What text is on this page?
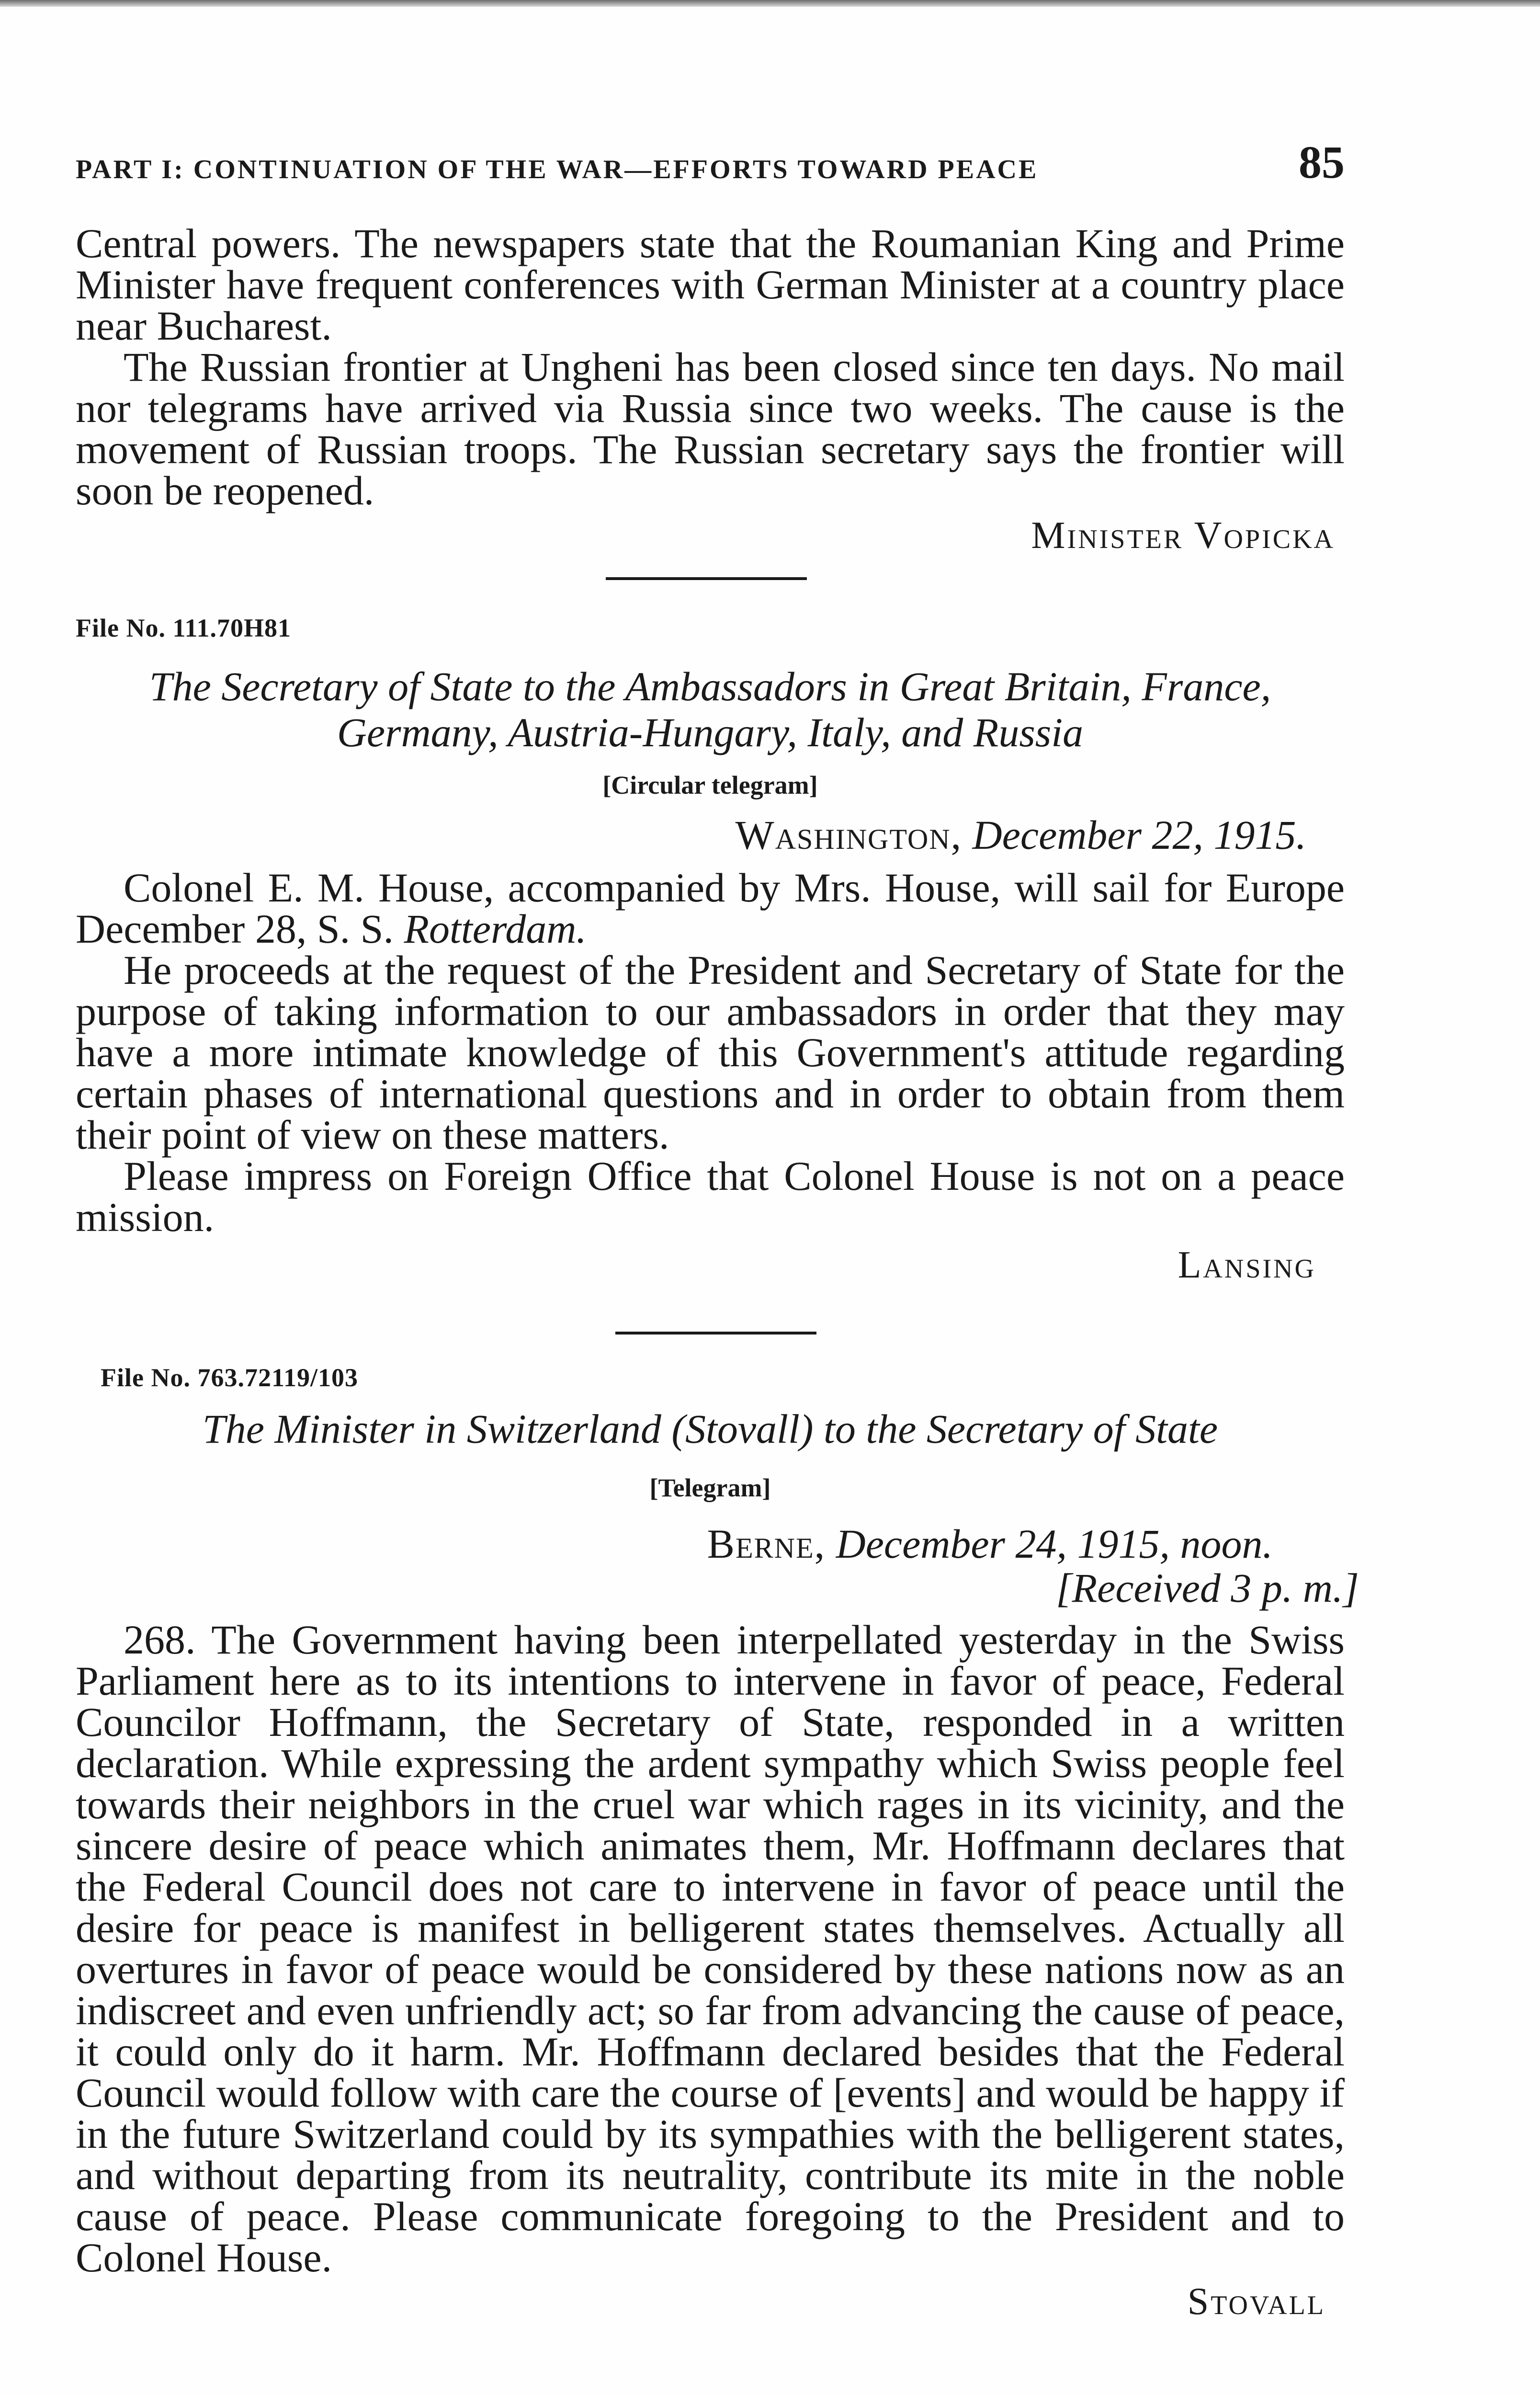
PART I: CONTINUATION OF THE WAR—EFFORTS TOWARD PEACE	85

Central powers. The newspapers state that the Roumanian King and Prime Minister have frequent conferences with German Minister at a country place near Bucharest.

The Russian frontier at Ungheni has been closed since ten days. No mail nor telegrams have arrived via Russia since two weeks. The cause is the movement of Russian troops. The Russian secretary says the frontier will soon be reopened.

Minister Vopicka

File No. 111.70H81
The Secretary of State to the Ambassadors in Great Britain, France,
Germany, Austria-Hungary, Italy, and Russia
[Circular telegram]
Washington, December 22, 1915.

Colonel E. M. House, accompanied by Mrs. House, will sail for Europe December 28, S. S. Rotterdam.

He proceeds at the request of the President and Secretary of State for the purpose of taking information to our ambassadors in order that they may have a more intimate knowledge of this Government's attitude regarding certain phases of international questions and in order to obtain from them their point of view on these matters.

Please impress on Foreign Office that Colonel House is not on a peace mission.

Lansing

File No. 763.72119/103
The Minister in Switzerland (Stovall) to the Secretary of State
[Telegram]
Berne, December 24, 1915, noon.
[Received 3 p. m.]

268. The Government having been interpellated yesterday in the Swiss Parliament here as to its intentions to intervene in favor of peace, Federal Councilor Hoffmann, the Secretary of State, responded in a written declaration. While expressing the ardent sympathy which Swiss people feel towards their neighbors in the cruel war which rages in its vicinity, and the sincere desire of peace which animates them, Mr. Hoffmann declares that the Federal Council does not care to intervene in favor of peace until the desire for peace is manifest in belligerent states themselves. Actually all overtures in favor of peace would be considered by these nations now as an indiscreet and even unfriendly act; so far from advancing the cause of peace, it could only do it harm. Mr. Hoffmann declared besides that the Federal Council would follow with care the course of [events] and would be happy if in the future Switzerland could by its sympathies with the belligerent states, and without departing from its neutrality, contribute its mite in the noble cause of peace. Please communicate foregoing to the President and to Colonel House.

Stovall
